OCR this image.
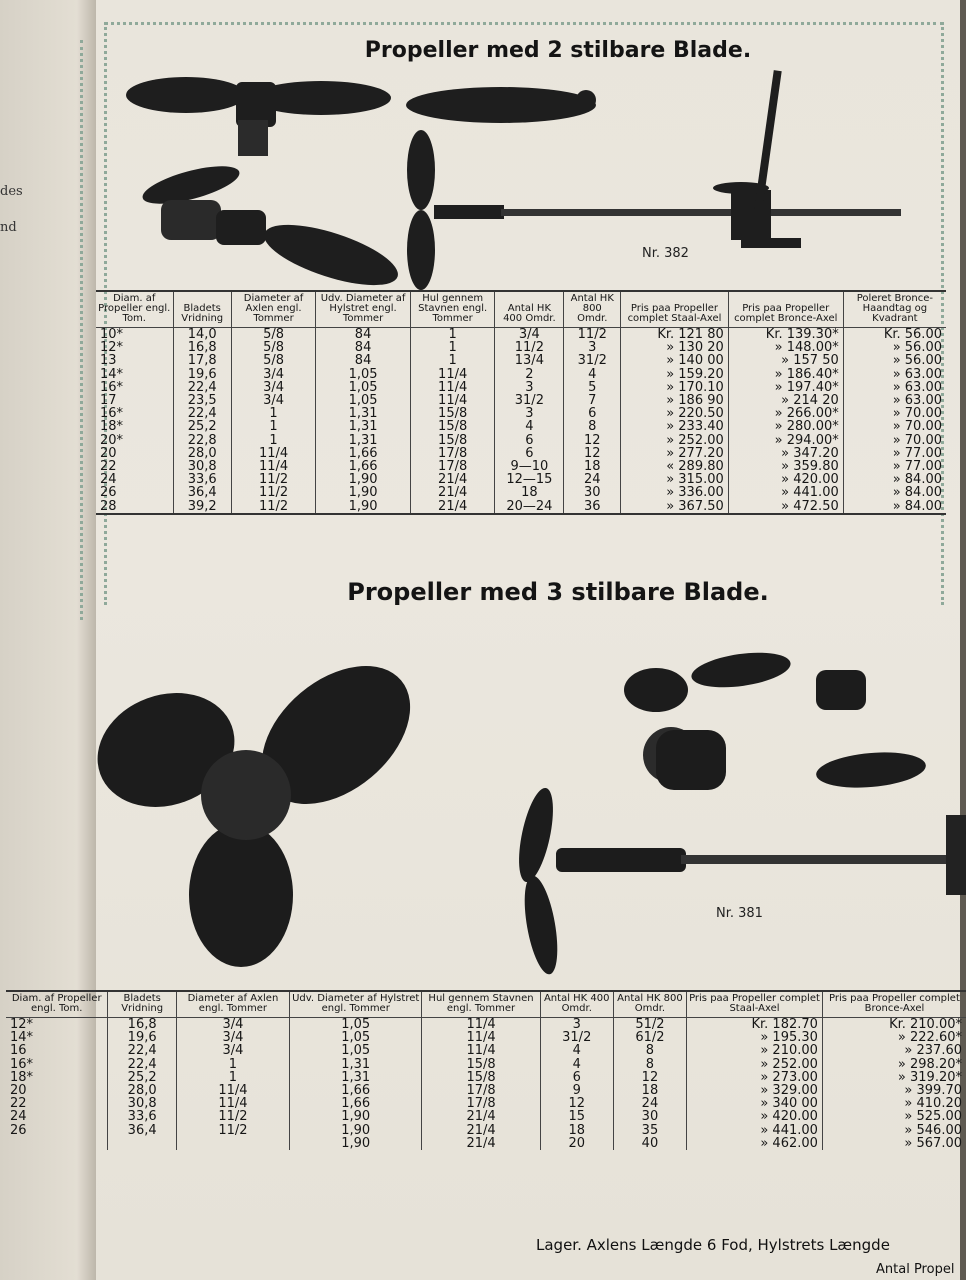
des
nd
Propeller med 2 stilbare Blade.
Nr. 382
Diam. af Propeller engl. Tom.	Bladets Vridning	Diameter af Axlen engl. Tommer	Udv. Diameter af Hylstret engl. Tommer	Hul gennem Stavnen engl. Tommer	Antal HK 400 Omdr.	Antal HK 800 Omdr.	Pris paa Propeller complet Staal-Axel	Pris paa Propeller complet Bronce-Axel	Poleret Bronce-Haandtag og Kvadrant
10*	14,0	5/8	84	1	3/4	11/2	Kr. 121 80	Kr. 139.30*	Kr. 56.00
12*	16,8	5/8	84	1	11/2	3	» 130 20	» 148.00*	» 56.00
13	17,8	5/8	84	1	13/4	31/2	» 140 00	» 157 50	» 56.00
14*	19,6	3/4	1,05	11/4	2	4	» 159.20	» 186.40*	» 63.00
16*	22,4	3/4	1,05	11/4	3	5	» 170.10	» 197.40*	» 63.00
17	23,5	3/4	1,05	11/4	31/2	7	» 186 90	» 214 20	» 63.00
16*	22,4	1	1,31	15/8	3	6	» 220.50	» 266.00*	» 70.00
18*	25,2	1	1,31	15/8	4	8	» 233.40	» 280.00*	» 70.00
20*	22,8	1	1,31	15/8	6	12	» 252.00	» 294.00*	» 70.00
20	28,0	11/4	1,66	17/8	6	12	» 277.20	» 347.20	» 77.00
22	30,8	11/4	1,66	17/8	9—10	18	« 289.80	» 359.80	» 77.00
24	33,6	11/2	1,90	21/4	12—15	24	» 315.00	» 420.00	» 84.00
26	36,4	11/2	1,90	21/4	18	30	» 336.00	» 441.00	» 84.00
28	39,2	11/2	1,90	21/4	20—24	36	» 367.50	» 472.50	» 84.00
Propeller med 3 stilbare Blade.
Nr. 381
Diam. af Propeller engl. Tom.	Bladets Vridning	Diameter af Axlen engl. Tommer	Udv. Diameter af Hylstret engl. Tommer	Hul gennem Stavnen engl. Tommer	Antal HK 400 Omdr.	Antal HK 800 Omdr.	Pris paa Propeller complet Staal-Axel	Pris paa Propeller complet Bronce-Axel
12*	16,8	3/4	1,05	11/4	3	51/2	Kr. 182.70	Kr. 210.00*
14*	19,6	3/4	1,05	11/4	31/2	61/2	» 195.30	» 222.60*
16	22,4	3/4	1,05	11/4	4	8	» 210.00	» 237.60
16*	22,4	1	1,31	15/8	4	8	» 252.00	» 298.20*
18*	25,2	1	1,31	15/8	6	12	» 273.00	» 319.20*
20	28,0	11/4	1,66	17/8	9	18	» 329.00	» 399.70
22	30,8	11/4	1,66	17/8	12	24	» 340 00	» 410.20
24	33,6	11/2	1,90	21/4	15	30	» 420.00	» 525.00
26	36,4	11/2	1,90	21/4	18	35	» 441.00	» 546.00
			1,90	21/4	20	40	» 462.00	» 567.00
Lager. Axlens Længde 6 Fod, Hylstrets Længde
Antal Propel
